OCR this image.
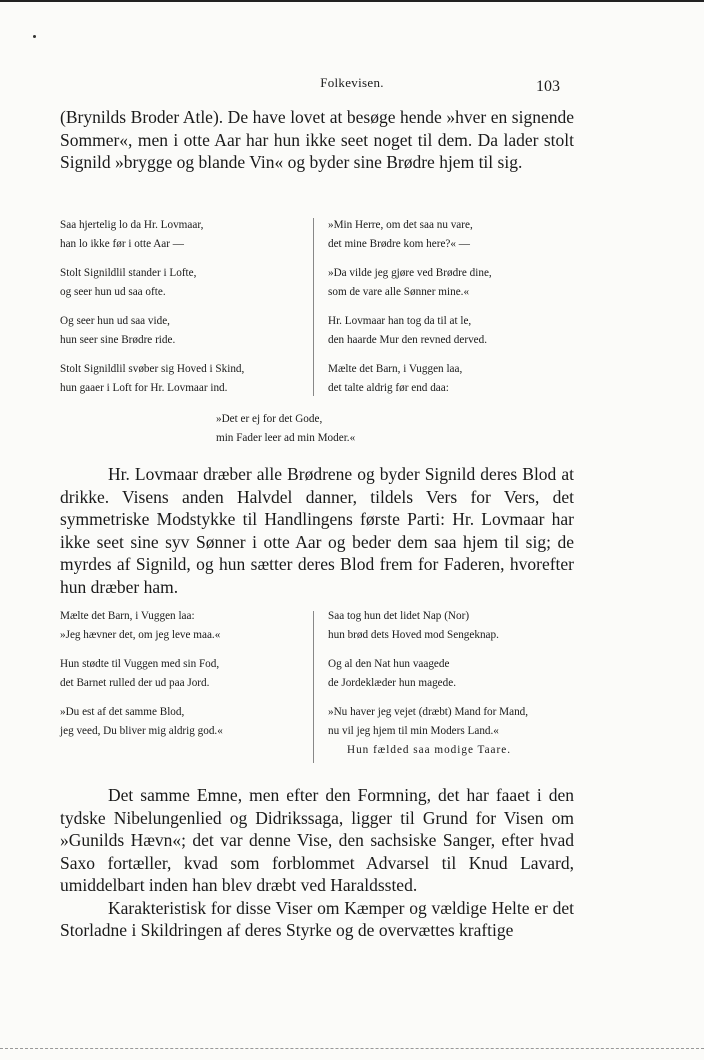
Folkevisen.	103

(Brynilds Broder Atle). De have lovet at besøge hende »hver en signende Sommer«, men i otte Aar har hun ikke seet noget til dem. Da lader stolt Signild »brygge og blande Vin« og byder sine Brødre hjem til sig.

Saa hjertelig lo da Hr. Lovmaar,
han lo ikke før i otte Aar —
Stolt Signildlil stander i Lofte,
og seer hun ud saa ofte.
Og seer hun ud saa vide,
hun seer sine Brødre ride.
Stolt Signildlil svøber sig Hoved i Skind,
hun gaaer i Loft for Hr. Lovmaar ind.
»Min Herre, om det saa nu vare,
det mine Brødre kom here?« —
»Da vilde jeg gjøre ved Brødre dine,
som de vare alle Sønner mine.«
Hr. Lovmaar han tog da til at le,
den haarde Mur den revned derved.
Mælte det Barn, i Vuggen laa,
det talte aldrig før end daa:
»Det er ej for det Gode,
min Fader leer ad min Moder.«

Hr. Lovmaar dræber alle Brødrene og byder Signild deres Blod at drikke. Visens anden Halvdel danner, tildels Vers for Vers, det symmetriske Modstykke til Handlingens første Parti: Hr. Lovmaar har ikke seet sine syv Sønner i otte Aar og beder dem saa hjem til sig; de myrdes af Signild, og hun sætter deres Blod frem for Faderen, hvorefter hun dræber ham.

Mælte det Barn, i Vuggen laa:
»Jeg hævner det, om jeg leve maa.«
Hun stødte til Vuggen med sin Fod,
det Barnet rulled der ud paa Jord.
»Du est af det samme Blod,
jeg veed, Du bliver mig aldrig god.«
Saa tog hun det lidet Nap (Nor)
hun brød dets Hoved mod Sengeknap.
Og al den Nat hun vaagede
de Jordeklæder hun magede.
»Nu haver jeg vejet (dræbt) Mand for Mand,
nu vil jeg hjem til min Moders Land.«
Hun fælded saa modige Taare.

Det samme Emne, men efter den Formning, det har faaet i den tydske Nibelungenlied og Didrikssaga, ligger til Grund for Visen om »Gunilds Hævn«; det var denne Vise, den sachsiske Sanger, efter hvad Saxo fortæller, kvad som forblommet Advarsel til Knud Lavard, umiddelbart inden han blev dræbt ved Haraldssted.

Karakteristisk for disse Viser om Kæmper og vældige Helte er det Storladne i Skildringen af deres Styrke og de overvættes kraftige
